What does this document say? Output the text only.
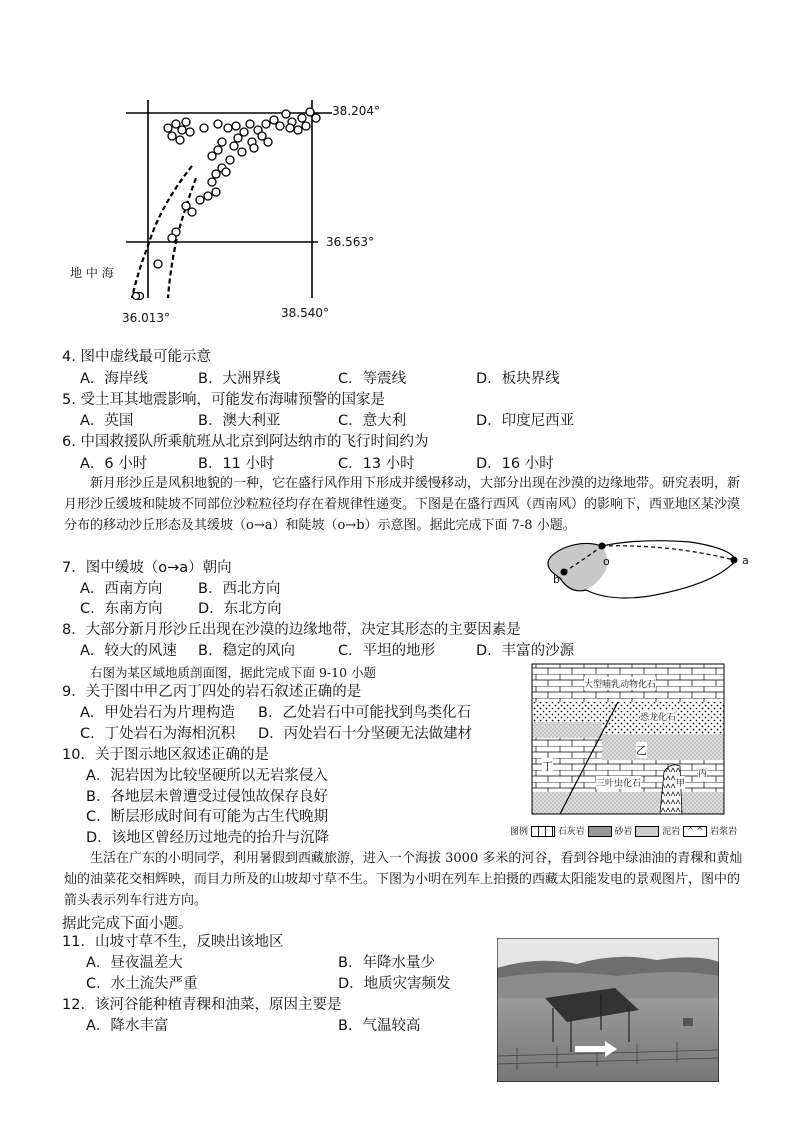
38.204°
36.563°
36.013°	38.540°
地 中 海
4. 图中虚线最可能示意
A．海岸线	B．大洲界线	C．等震线	D．板块界线
5. 受土耳其地震影响，可能发布海啸预警的国家是
A．英国	B．澳大利亚	C．意大利	D．印度尼西亚
6. 中国救援队所乘航班从北京到阿达纳市的飞行时间约为
A．6 小时	B．11 小时	C．13 小时	D．16 小时
新月形沙丘是风积地貌的一种，它在盛行风作用下形成并缓慢移动，大部分出现在沙漠的边缘地带。研究表明，新月形沙丘缓坡和陡坡不同部位沙粒粒径均存在着规律性递变。下图是在盛行西风（西南风）的影响下，西亚地区某沙漠分布的移动沙丘形态及其缓坡（o→a）和陡坡（o→b）示意图。据此完成下面 7-8 小题。
o	a
b
7．图中缓坡（o→a）朝向
A．西南方向 B．西北方向
C．东南方向 D．东北方向
8．大部分新月形沙丘出现在沙漠的边缘地带，决定其形态的主要因素是
A．较大的风速 B．稳定的风向	C．平坦的地形	D．丰富的沙源
右图为某区域地质剖面图，据此完成下面 9-10 小题
大型哺乳动物化石
恐龙化石
乙
丁
三叶虫化石	甲
丙
图例	石灰岩	砂岩	泥岩 ^ ^ 岩浆岩
9．关于图中甲乙丙丁四处的岩石叙述正确的是
A．甲处岩石为片理构造 B．乙处岩石中可能找到鸟类化石
C．丁处岩石为海相沉积 D．丙处岩石十分坚硬无法做建材
10．关于图示地区叙述正确的是
A．泥岩因为比较坚硬所以无岩浆侵入
B．各地层未曾遭受过侵蚀故保存良好
C．断层形成时间有可能为古生代晚期
D．该地区曾经历过地壳的抬升与沉降
生活在广东的小明同学，利用暑假到西藏旅游，进入一个海拔 3000 多米的河谷，看到谷地中绿油油的青稞和黄灿灿的油菜花交相辉映，而目力所及的山坡却寸草不生。下图为小明在列车上拍摄的西藏太阳能发电的景观图片，图中的箭头表示列车行进方向。
据此完成下面小题。
11．山坡寸草不生，反映出该地区
A．昼夜温差大	B．年降水量少
C．水土流失严重	D．地质灾害频发
12．该河谷能种植青稞和油菜，原因主要是
A．降水丰富	B．气温较高
